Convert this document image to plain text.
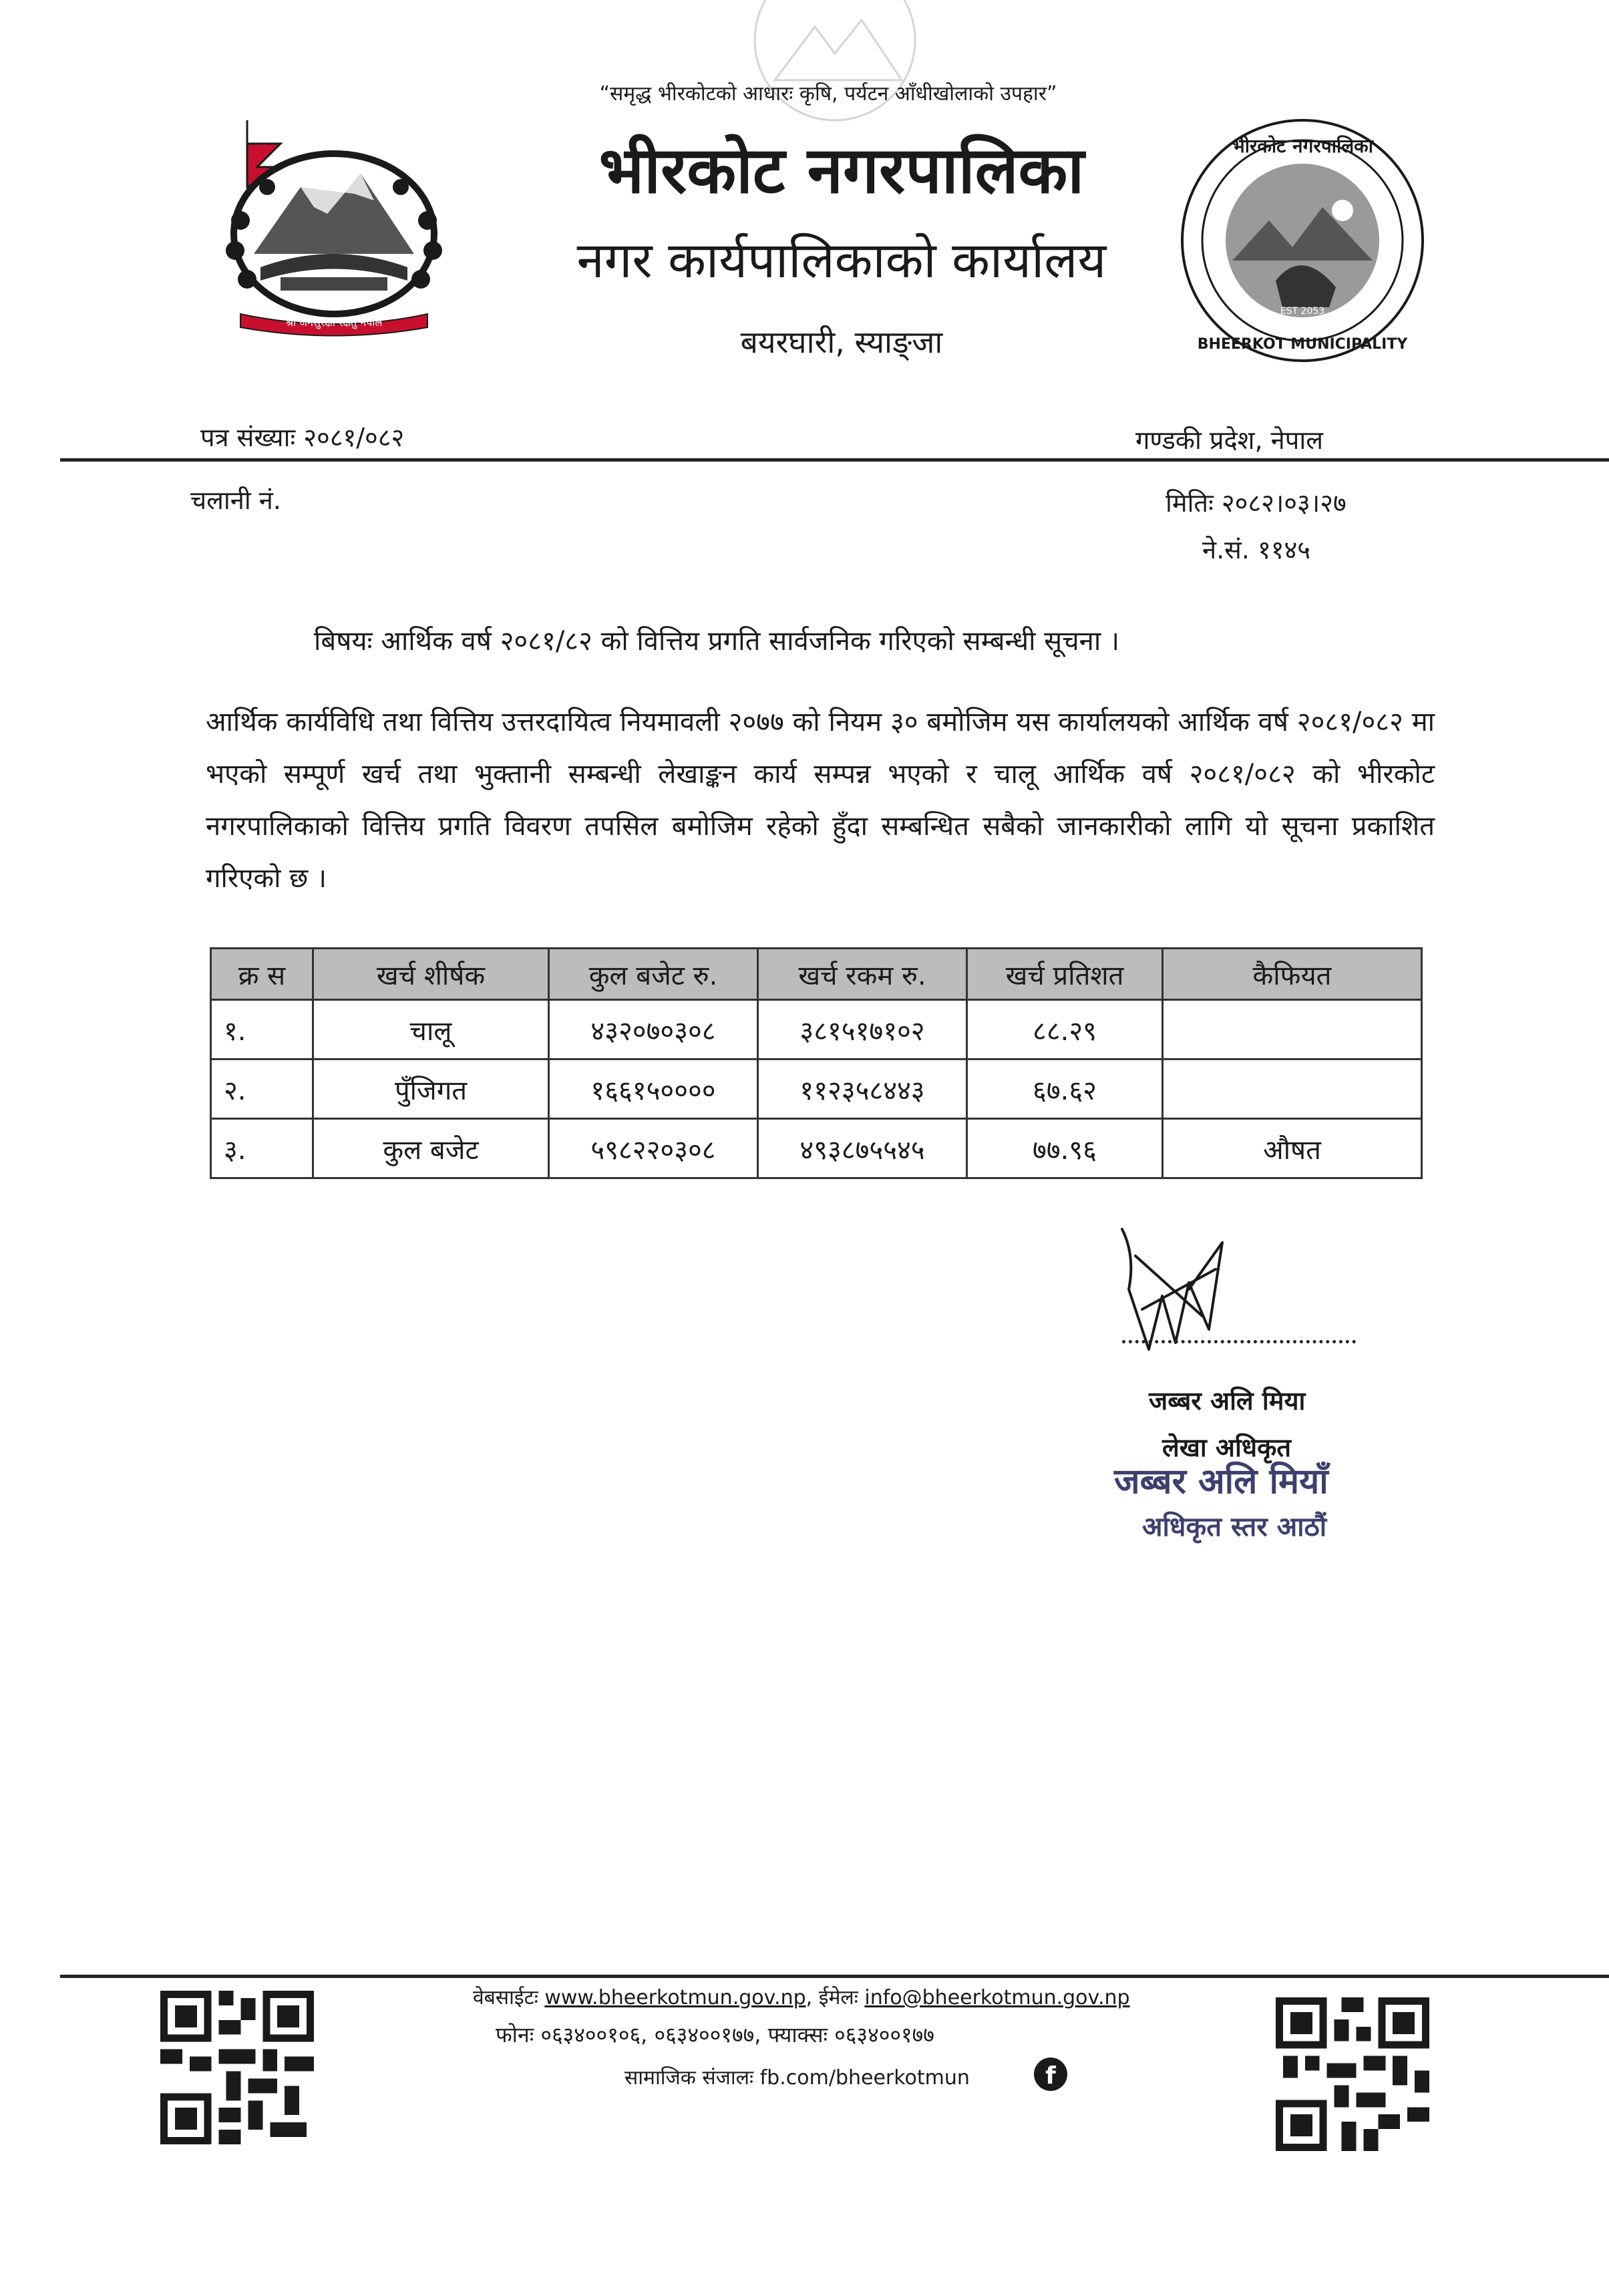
श्री जनसुरक्षा रक्षतु नेपाल
भीरकोट नगरपालिका
BHEERKOT MUNICIPALITY
EST 2053
“समृद्ध भीरकोटको आधारः कृषि, पर्यटन आँधीखोलाको उपहार”
भीरकोट नगरपालिका
नगर कार्यपालिकाको कार्यालय
बयरघारी, स्याङ्जा
पत्र संख्याः २०८१/०८२	गण्डकी प्रदेश, नेपाल
चलानी नं.	मितिः २०८२।०३।२७
ने.सं. ११४५
बिषयः आर्थिक वर्ष २०८१/८२ को वित्तिय प्रगति सार्वजनिक गरिएको सम्बन्धी सूचना ।
आर्थिक कार्यविधि तथा वित्तिय उत्तरदायित्व नियमावली २०७७ को नियम ३० बमोजिम यस कार्यालयको आर्थिक वर्ष २०८१/०८२ मा भएको सम्पूर्ण खर्च तथा भुक्तानी सम्बन्धी लेखाङ्कन कार्य सम्पन्न भएको र चालू आर्थिक वर्ष २०८१/०८२ को भीरकोट नगरपालिकाको वित्तिय प्रगति विवरण तपसिल बमोजिम रहेको हुँदा सम्बन्धित सबैको जानकारीको लागि यो सूचना प्रकाशित गरिएको छ ।
क्र स	खर्च शीर्षक	कुल बजेट रु.	खर्च रकम रु.	खर्च प्रतिशत	कैफियत
१.	चालू	४३२०७०३०८	३८१५१७१०२	८८.२९	
२.	पुँजिगत	१६६१५००००	११२३५८४४३	६७.६२	
३.	कुल बजेट	५९८२२०३०८	४९३८७५५४५	७७.९६	औषत
जब्बर अलि मिया
लेखा अधिकृत
जब्बर अलि मियाँ
अधिकृत स्तर आठौं
वेबसाईटः www.bheerkotmun.gov.np, ईमेलः info@bheerkotmun.gov.np
फोनः ०६३४००१०६, ०६३४००१७७, फ्याक्सः ०६३४००१७७
सामाजिक संजालः fb.com/bheerkotmun	f
